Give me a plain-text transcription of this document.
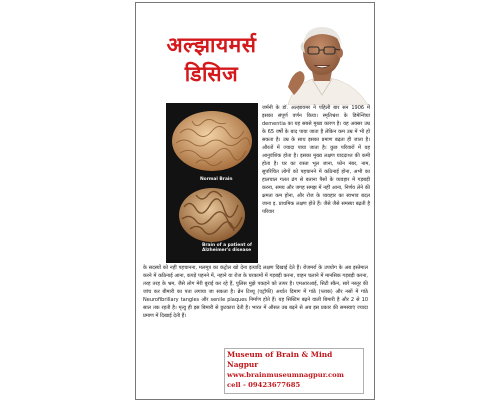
अल्झायमर्स
डिसिज
Normal Brain
Brain of a patient of Alzheimer's disease
जर्मनी के डॉ. अल्झायमर ने पहिली बार सन 1906 में इसका संपूर्ण वर्णन किया। स्मृतिभ्रंश के डिमेन्शिया dementia का यह सबसे मुख्य कारण है। यह अक्सर उम्र के 65 वर्षों के बाद पाया जाता है लेकिन कम उम्र में भी हो सकता है। उम्र के साथ इसका प्रमाण बढ़ता ही जाता है। औरतों में ज्यादा पाया जाता है। कुछ परिवारों में यह आनुवंशिक होता है। इसका मुख्य लक्षण याददाश्त की कमी होता है। घर का रास्ता भूल जाना, फोन नंबर, नाम, सुपरिचित लोगों को पहचानने में कठिनाई होना, अभी का हालचाल गलत ढंग से बताना पैसों के व्यवहार में गड़बड़ी करना, समय और जगह समझ में नहीं आना, निर्णय लेने की क्षमता कम होना, और रोज के व्यवहार का स्वभाव बदल जाना इ. प्राथमिक लक्षण होते हैं। जैसे जैसे समस्या बढ़ती है परिवार
के सदस्यों को नहीं पहचानना, मलमूत्र का कंट्रोल खो देना इत्यादि लक्षण दिखाई देते हैं। रोजमर्रा के उपयोग के अब इस्तेमाल करने में कठिनाई आना, कपड़े पहनने में, नहाने या रोज के घरकामों में गड़बड़ी करना, वाहन चलाने में मानसिक गड़बड़ी करना, तरह तरह के भ्रम, जैसे लोग मेरी बुराई कर रहे हैं, पुलिस मुझे पकड़ने को तत्पर है। एमआरआई, सिटी स्कैन, सारे नस्तूर की जांच कर बीमारी का पता लगाया जा सकता है। ब्रेन टिश्यू (एट्रॉफी) अर्थात दिमाग में गांठे (प्लाक) और नसों में गांठे Neurofibrillary tangles और senile plaques निर्माण होते हैं। यह सिस्टिम बढ़ने वाली बिमारी है और 2 से 10 साल तक रहती है। मृत्यु ही इस बिमारी से छुटकारा देती है। भारत में औसत उम्र बढ़ने से अब इस प्रकार की समस्याएं ज्यादा प्रमाण में दिखाई देती हैं।
Museum of Brain & Mind Nagpur
www.brainmuseumnagpur.com
cell - 09423677685
